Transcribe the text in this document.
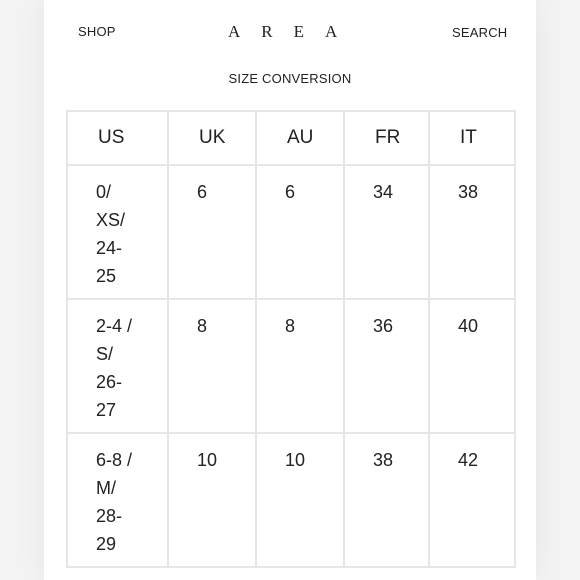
SHOP	AREA	SEARCH
SIZE CONVERSION
US	UK	AU	FR	IT

0/
XS/
24-
25	6	6	34	38

2-4 /
S/
26-
27	8	8	36	40

6-8 /
M/
28-
29	10	10	38	42
